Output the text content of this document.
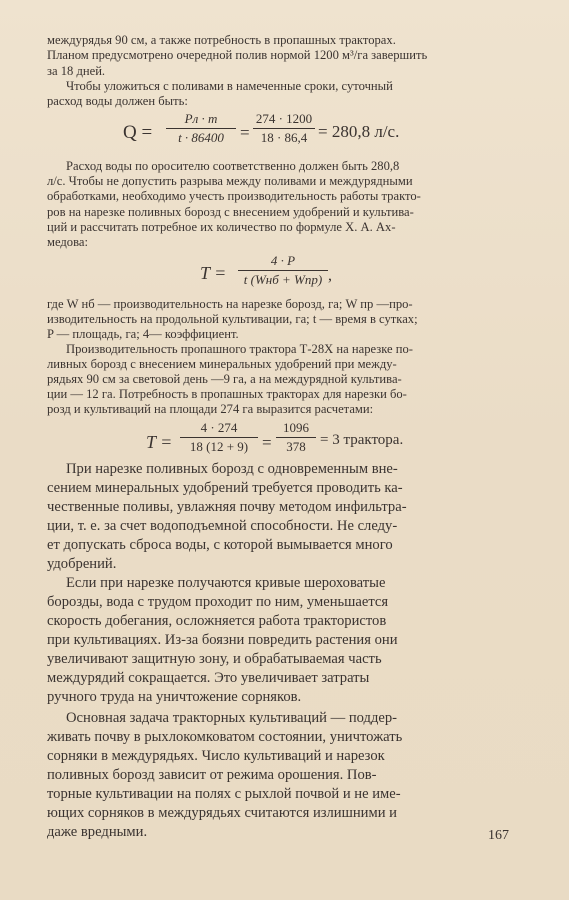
междурядья 90 см, а также потребность в пропашных тракторах.

Планом предусмотрено очередной полив нормой 1200 м³/га завершить

за 18 дней.

Чтобы уложиться с поливами в намеченные сроки, суточный

расход воды должен быть:

Q =
Pл · m
t · 86400 =
274 · 1200
18 · 86,4 = 280,8 л/с.

Расход воды по оросителю соответственно должен быть 280,8

л/с. Чтобы не допустить разрыва между поливами и междурядными

обработками, необходимо учесть производительность работы тракто-

ров на нарезке поливных борозд с внесением удобрений и культива-

ций и рассчитать потребное их количество по формуле Х. А. Ах-

медова:

T =
4 · P
t (Wнб + Wпр) ,

где W нб — производительность на нарезке борозд, га; W пр —про-

изводительность на продольной культивации, га; t — время в сутках;

P — площадь, га; 4— коэффициент.

Производительность пропашного трактора Т-28Х на нарезке по-

ливных борозд с внесением минеральных удобрений при междy-

рядьях 90 см за световой день —9 га, а на междурядной культива-

ции — 12 га. Потребность в пропашных тракторах для нарезки бо-

розд и культиваций на площади 274 га выразится расчетами:

T =
4 · 274
18 (12 + 9) =
1096
378 = 3 трактора.

При нарезке поливных борозд с одновременным вне-

сением минеральных удобрений требуется проводить ка-

чественные поливы, увлажняя почву методом инфильтра-

ции, т. е. за счет водоподъемной способности. Не следу-

ет допускать сброса воды, с которой вымывается много

удобрений.

Если при нарезке получаются кривые шероховатые

борозды, вода с трудом проходит по ним, уменьшается

скорость добегания, осложняется работа трактористов

при культивациях. Из-за боязни повредить растения они

увеличивают защитную зону, и обрабатываемая часть

междурядий сокращается. Это увеличивает затраты

ручного труда на уничтожение сорняков.

Основная задача тракторных культиваций — поддер-

живать почву в рыхлокомковатом состоянии, уничтожать

сорняки в междурядьях. Число культиваций и нарезок

поливных борозд зависит от режима орошения. Пов-

торные культивации на полях с рыхлой почвой и не име-

ющих сорняков в междурядьях считаются излишними и

даже вредными.	167
